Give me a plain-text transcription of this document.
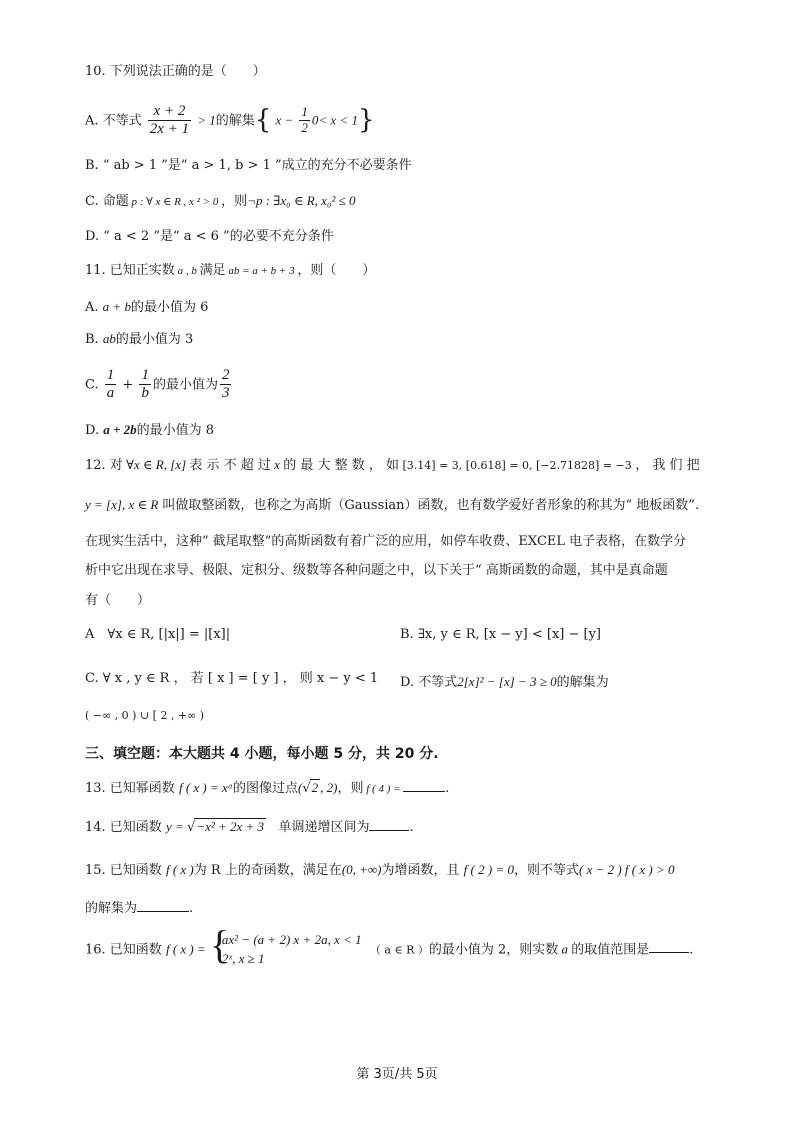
10. 下列说法正确的是（　　）
A. 不等式 $\frac{x + 2}{2x + 1} > 1$的解集{ $x - \frac{1}{2} 0< x < 1$}
B. “ ab > 1 ”是“ a > 1, b > 1 ”成立的充分不必要条件
C. 命题 p : ∀ x ∈ R , x ² > 0 ，则¬p : ∃x₀ ∈ R, x₀² ≤ 0
D. “ a < 2 ”是“ a < 6 ”的必要不充分条件
11. 已知正实数 a , b 满足 ab = a + b + 3 ，则（　　）
A. a + b的最小值为 6
B. ab的最小值为 3
C. $\frac{1}{a} + \frac{1}{b}$ 的最小值为 $\frac{2}{3}$
D. a + 2b的最小值为 8
12. 对 ∀x ∈ R, [x] 表 示 不 超 过 x 的 最 大 整 数 ， 如 [3.14] = 3, [0.618] = 0, [−2.71828] = −3 ， 我 们 把
y = [x], x ∈ R 叫做取整函数，也称之为高斯（Gaussian）函数，也有数学爱好者形象的称其为“ 地板函数”.
在现实生活中，这种“ 截尾取整”的高斯函数有着广泛的应用，如停车收费、EXCEL 电子表格，在数学分
析中它出现在求导、极限、定积分、级数等各种问题之中，以下关于“ 高斯函数的命题，其中是真命题
有（　　）
A　∀x ∈ R, [|x|] = |[x]|	B. ∃x, y ∈ R, [x − y] < [x] − [y]
C. ∀ x , y ∈ R ， 若 [ x ] = [ y ] ， 则 x − y < 1 D. 不等式2[x]² − [x] − 3 ≥ 0的解集为
( −∞ , 0 ) ∪ [ 2 , +∞ )
三、填空题：本大题共 4 小题，每小题 5 分，共 20 分.
13. 已知幂函数 f ( x ) = xᵅ的图像过点(√2 , 2)，则 f ( 4 ) =	.
14. 已知函数 y = √−x² + 2x + 3 单调递增区间为	.
15. 已知函数 f ( x )为 R 上的奇函数，满足在(0, +∞)为增函数，且 f ( 2 ) = 0，则不等式( x − 2 ) f ( x ) > 0
的解集为	.
16. 已知函数 f ( x ) = {
ax² − (a + 2) x + 2a, x < 1
2ˣ, x ≥ 1
（ a ∈ R ）的最小值为 2，则实数 a 的取值范围是	.
第 3页/共 5页
